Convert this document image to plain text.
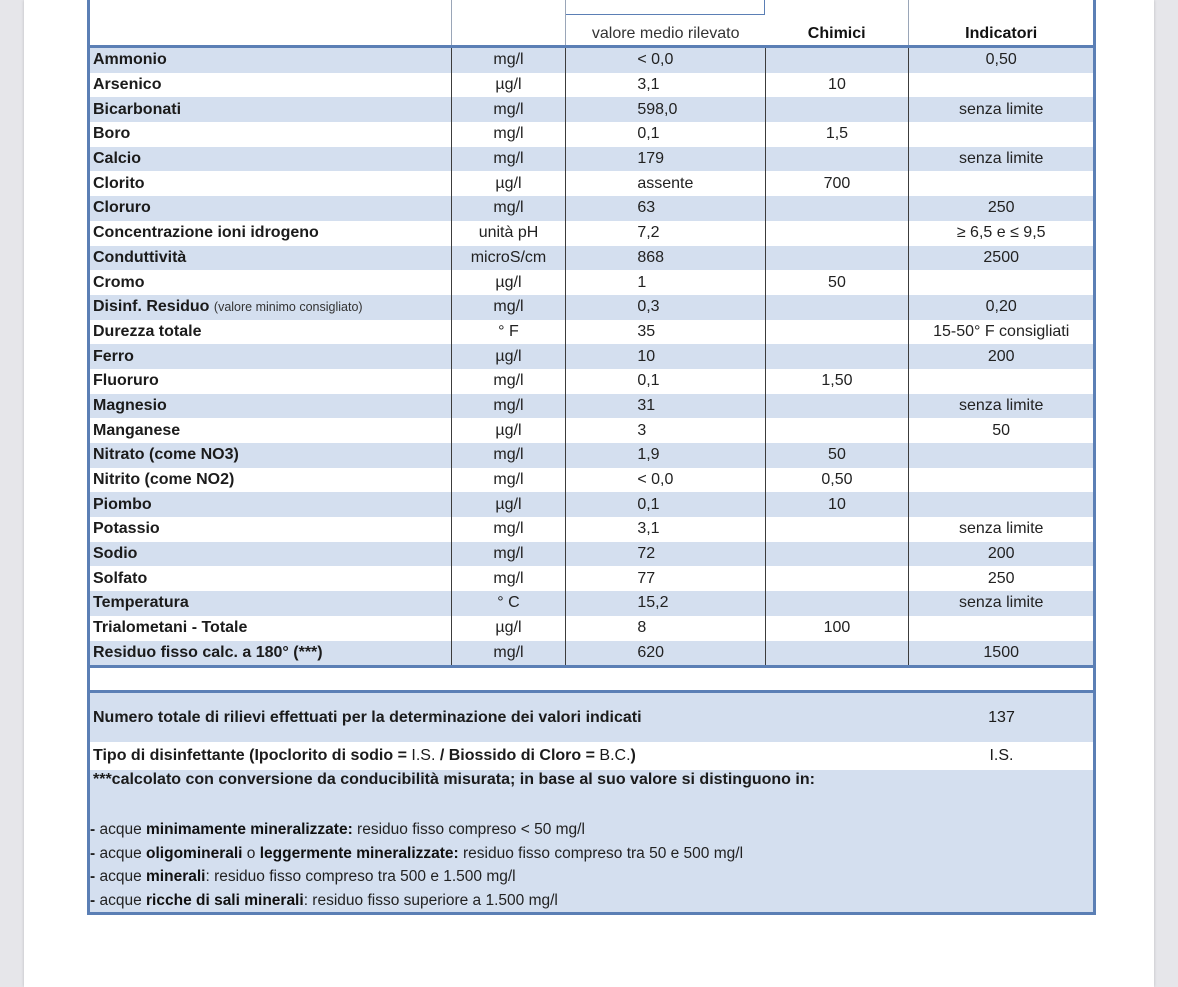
		valore medio rilevato	Chimici	Indicatori
Ammonio	mg/l	< 0,0		0,50
Arsenico	µg/l	3,1	10	
Bicarbonati	mg/l	598,0		senza limite
Boro	mg/l	0,1	1,5	
Calcio	mg/l	179		senza limite
Clorito	µg/l	assente	700	
Cloruro	mg/l	63		250
Concentrazione ioni idrogeno	unità pH	7,2		≥ 6,5 e ≤ 9,5
Conduttività	microS/cm	868		2500
Cromo	µg/l	1	50	
Disinf. Residuo (valore minimo consigliato)	mg/l	0,3		0,20
Durezza totale	° F	35		15-50° F consigliati
Ferro	µg/l	10		200
Fluoruro	mg/l	0,1	1,50	
Magnesio	mg/l	31		senza limite
Manganese	µg/l	3		50
Nitrato (come NO3)	mg/l	1,9	50	
Nitrito (come NO2)	mg/l	< 0,0	0,50	
Piombo	µg/l	0,1	10	
Potassio	mg/l	3,1		senza limite
Sodio	mg/l	72		200
Solfato	mg/l	77		250
Temperatura	° C	15,2		senza limite
Trialometani - Totale	µg/l	8	100	
Residuo fisso calc. a 180° (***)	mg/l	620		1500
Numero totale di rilievi effettuati per la determinazione dei valori indicati	137
Tipo di disinfettante (Ipoclorito di sodio = I.S. / Biossido di Cloro = B.C.)	I.S.
***calcolato con conversione da conducibilità misurata; in base al suo valore si distinguono in:
- acque minimamente mineralizzate: residuo fisso compreso < 50 mg/l
- acque oligominerali o leggermente mineralizzate: residuo fisso compreso tra 50 e 500 mg/l
- acque minerali: residuo fisso compreso tra 500 e 1.500 mg/l
- acque ricche di sali minerali: residuo fisso superiore a 1.500 mg/l
